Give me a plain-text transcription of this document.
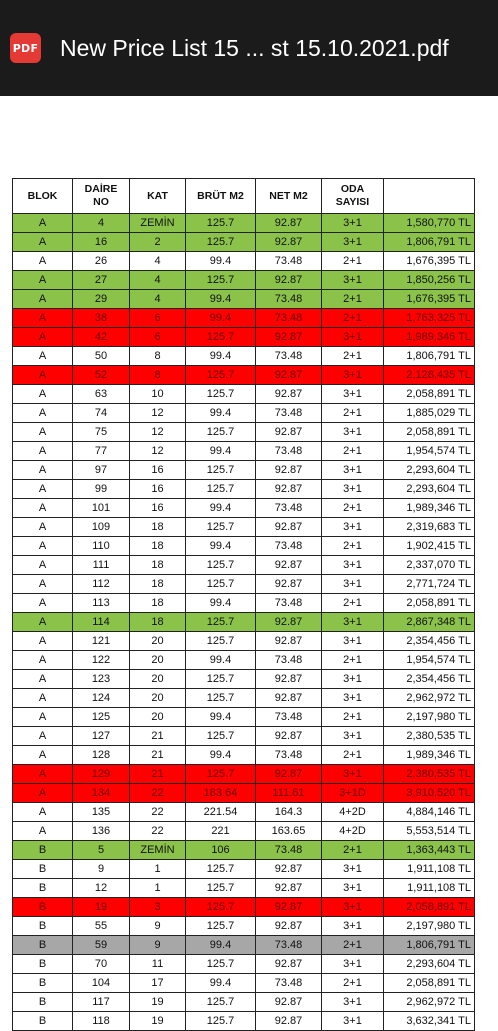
PDF New Price List 15 ... st 15.10.2021.pdf
BLOK	DAİRE NO	KAT	BRÜT M2	NET M2	ODA SAYISI	
A	4	ZEMİN	125.7	92.87	3+1	1,580,770 TL
A	16	2	125.7	92.87	3+1	1,806,791 TL
A	26	4	99.4	73.48	2+1	1,676,395 TL
A	27	4	125.7	92.87	3+1	1,850,256 TL
A	29	4	99.4	73.48	2+1	1,676,395 TL
A	38	6	99.4	73.48	2+1	1,763,325 TL
A	42	6	125.7	92.87	3+1	1,989,346 TL
A	50	8	99.4	73.48	2+1	1,806,791 TL
A	52	8	125.7	92.87	3+1	2,128,435 TL
A	63	10	125.7	92.87	3+1	2,058,891 TL
A	74	12	99.4	73.48	2+1	1,885,029 TL
A	75	12	125.7	92.87	3+1	2,058,891 TL
A	77	12	99.4	73.48	2+1	1,954,574 TL
A	97	16	125.7	92.87	3+1	2,293,604 TL
A	99	16	125.7	92.87	3+1	2,293,604 TL
A	101	16	99.4	73.48	2+1	1,989,346 TL
A	109	18	125.7	92.87	3+1	2,319,683 TL
A	110	18	99.4	73.48	2+1	1,902,415 TL
A	111	18	125.7	92.87	3+1	2,337,070 TL
A	112	18	125.7	92.87	3+1	2,771,724 TL
A	113	18	99.4	73.48	2+1	2,058,891 TL
A	114	18	125.7	92.87	3+1	2,867,348 TL
A	121	20	125.7	92.87	3+1	2,354,456 TL
A	122	20	99.4	73.48	2+1	1,954,574 TL
A	123	20	125.7	92.87	3+1	2,354,456 TL
A	124	20	125.7	92.87	3+1	2,962,972 TL
A	125	20	99.4	73.48	2+1	2,197,980 TL
A	127	21	125.7	92.87	3+1	2,380,535 TL
A	128	21	99.4	73.48	2+1	1,989,346 TL
A	129	21	125.7	92.87	3+1	2,380,535 TL
A	134	22	183.64	111.61	3+1D	3,910,520 TL
A	135	22	221.54	164.3	4+2D	4,884,146 TL
A	136	22	221	163.65	4+2D	5,553,514 TL
B	5	ZEMİN	106	73.48	2+1	1,363,443 TL
B	9	1	125.7	92.87	3+1	1,911,108 TL
B	12	1	125.7	92.87	3+1	1,911,108 TL
B	19	3	125.7	92.87	3+1	2,058,891 TL
B	55	9	125.7	92.87	3+1	2,197,980 TL
B	59	9	99.4	73.48	2+1	1,806,791 TL
B	70	11	125.7	92.87	3+1	2,293,604 TL
B	104	17	99.4	73.48	2+1	2,058,891 TL
B	117	19	125.7	92.87	3+1	2,962,972 TL
B	118	19	125.7	92.87	3+1	3,632,341 TL
